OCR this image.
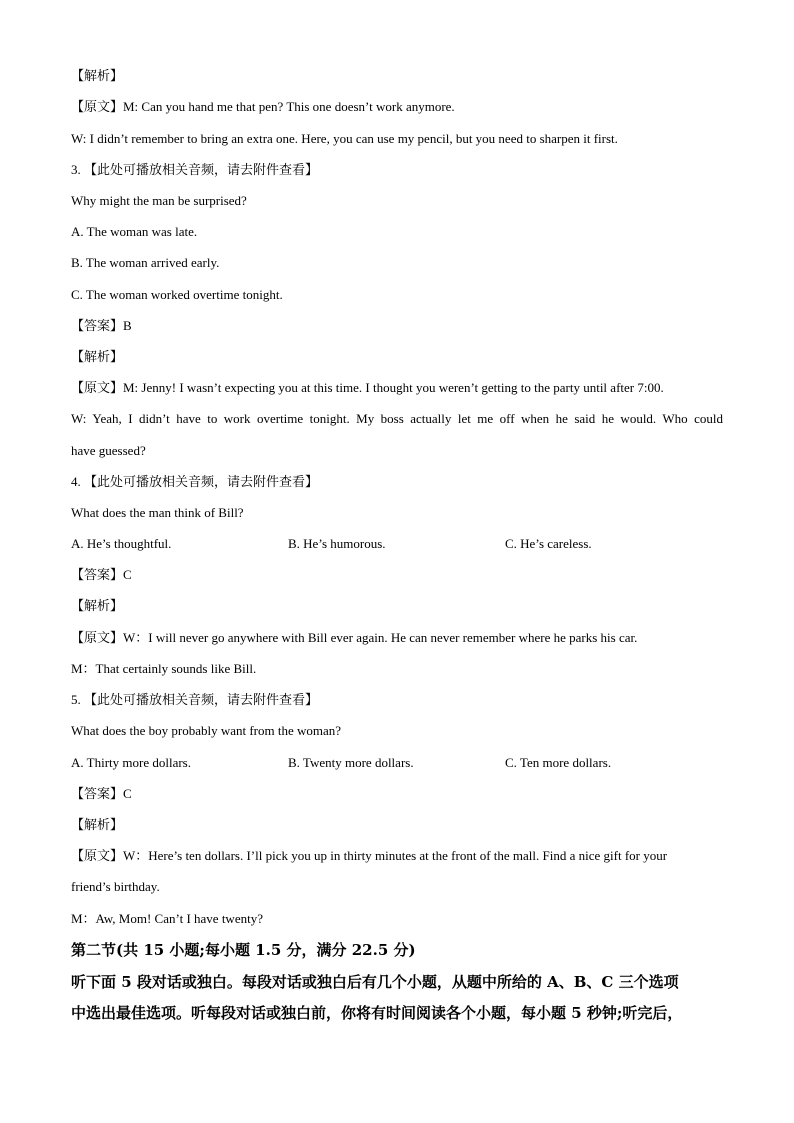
【解析】
【原文】M: Can you hand me that pen? This one doesn’t work anymore.
W: I didn’t remember to bring an extra one. Here, you can use my pencil, but you need to sharpen it first.
3. 【此处可播放相关音频，请去附件查看】
Why might the man be surprised?
A. The woman was late.
B. The woman arrived early.
C. The woman worked overtime tonight.
【答案】B
【解析】
【原文】M: Jenny! I wasn’t expecting you at this time. I thought you weren’t getting to the party until after 7:00.
W: Yeah, I didn’t have to work overtime tonight. My boss actually let me off when he said he would. Who could
have guessed?
4. 【此处可播放相关音频，请去附件查看】
What does the man think of Bill?
A. He’s thoughtful.	B. He’s humorous.	C. He’s careless.
【答案】C
【解析】
【原文】W：I will never go anywhere with Bill ever again. He can never remember where he parks his car.
M：That certainly sounds like Bill.
5. 【此处可播放相关音频，请去附件查看】
What does the boy probably want from the woman?
A. Thirty more dollars.	B. Twenty more dollars.	C. Ten more dollars.
【答案】C
【解析】
【原文】W：Here’s ten dollars. I’ll pick you up in thirty minutes at the front of the mall. Find a nice gift for your
friend’s birthday.
M：Aw, Mom! Can’t I have twenty?
第二节(共 15 小题;每小题 1.5 分，满分 22.5 分)
听下面 5 段对话或独白。每段对话或独白后有几个小题，从题中所给的 A、B、C 三个选项
中选出最佳选项。听每段对话或独白前，你将有时间阅读各个小题，每小题 5 秒钟;听完后，
